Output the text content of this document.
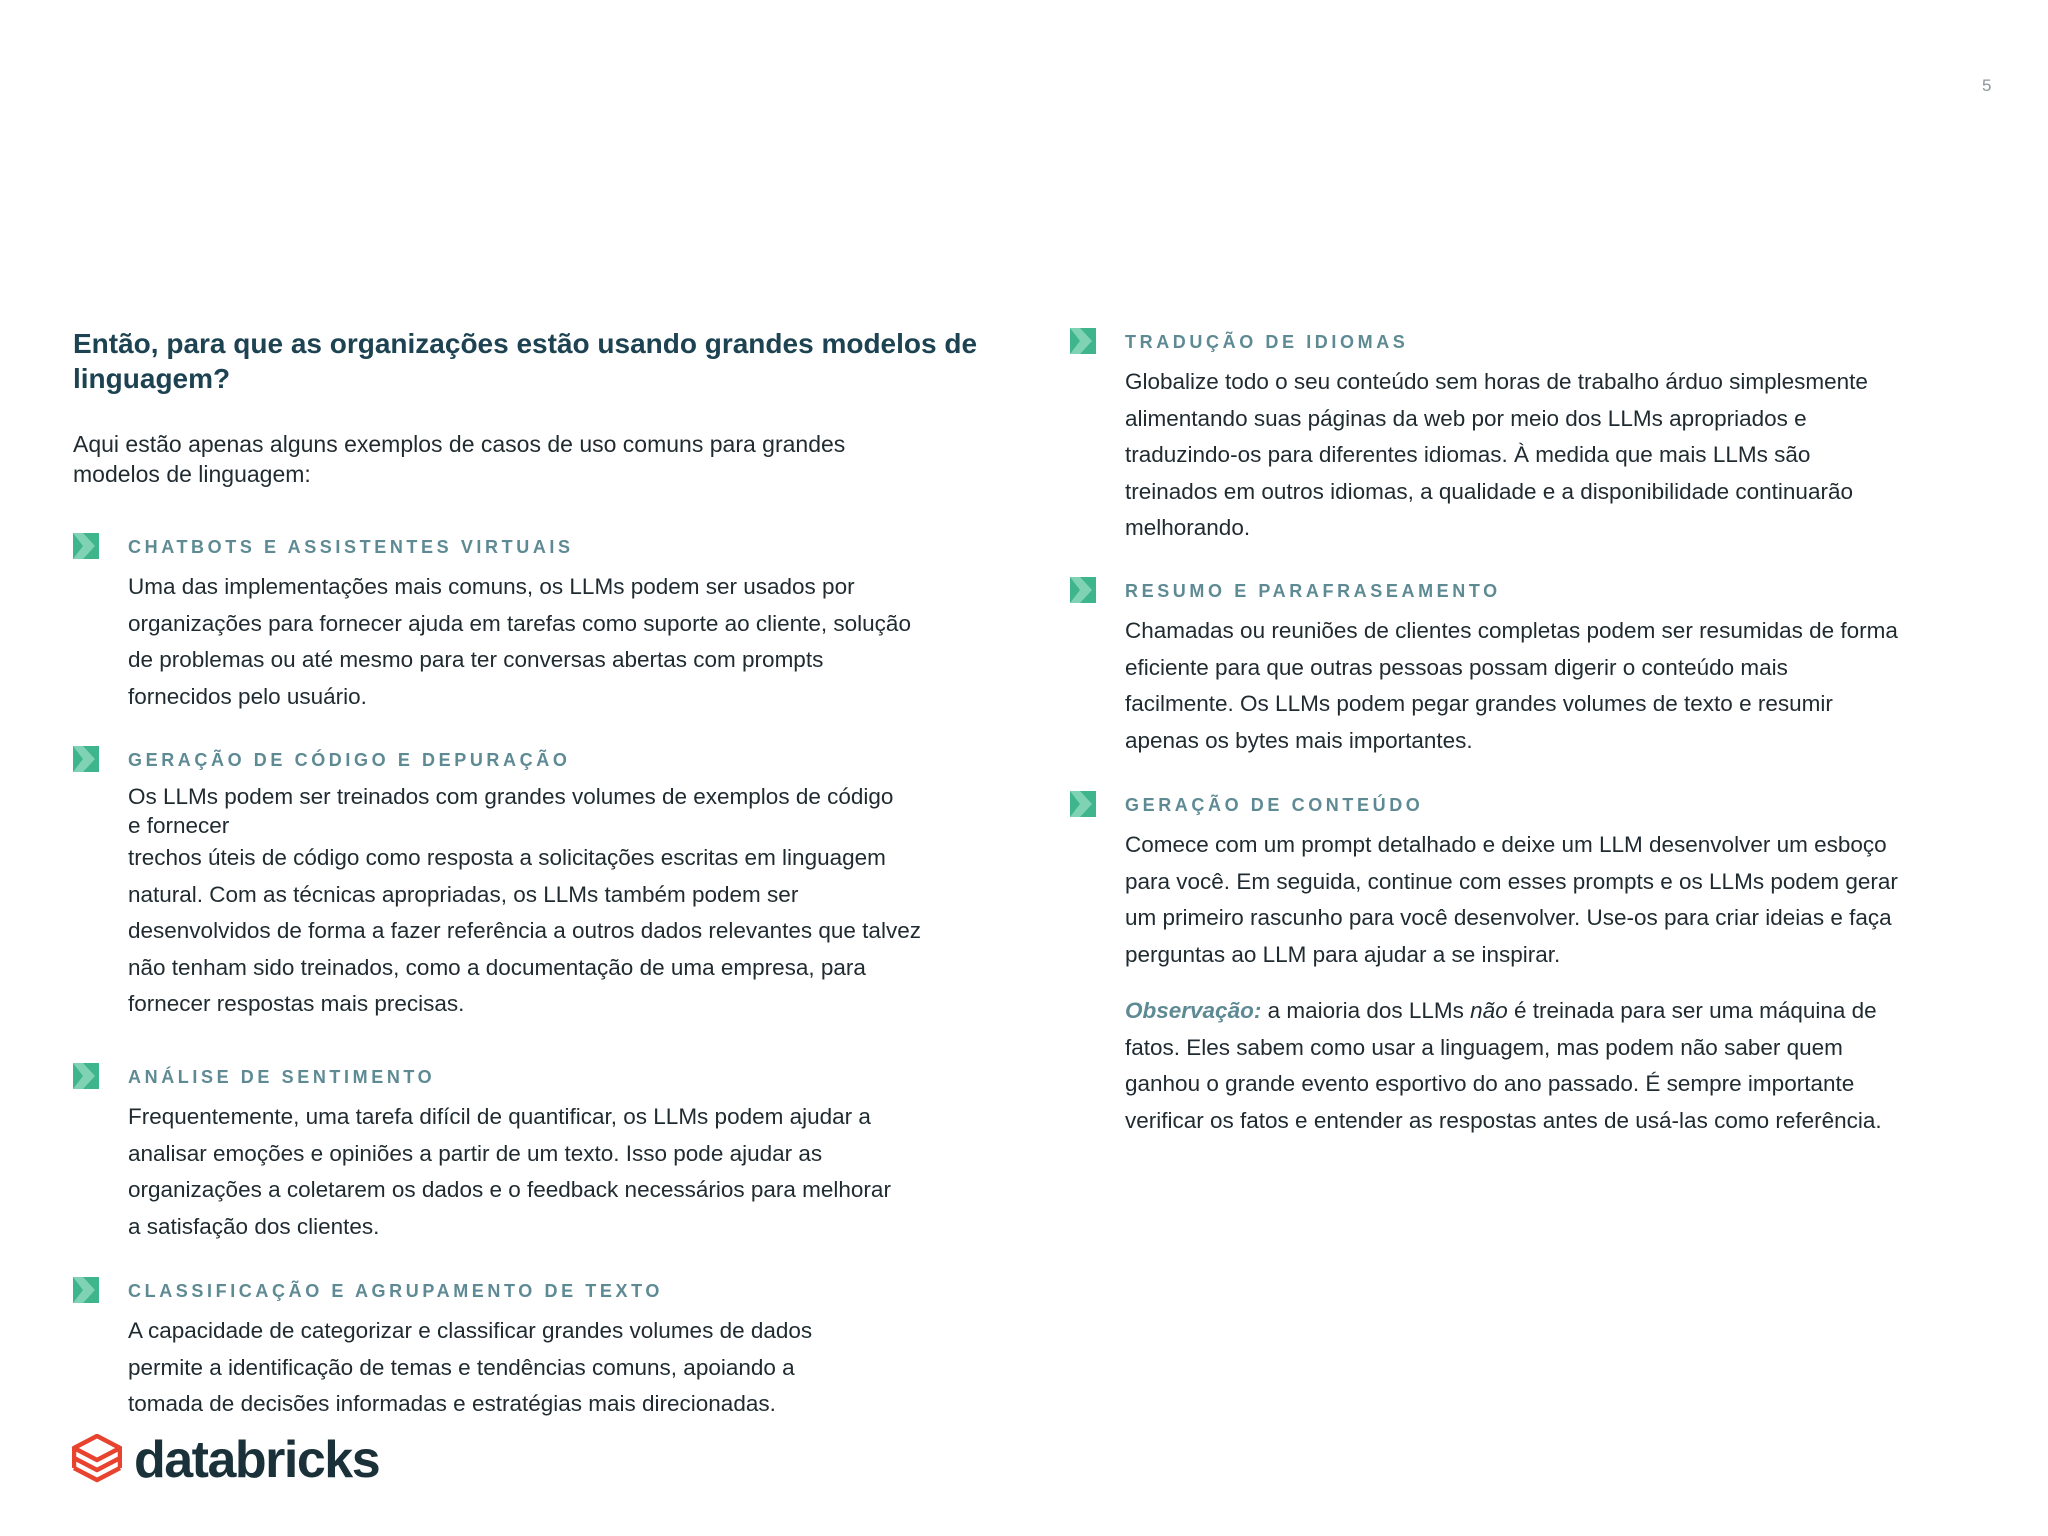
5
Então, para que as organizações estão usando grandes modelos de
linguagem?
Aqui estão apenas alguns exemplos de casos de uso comuns para grandes
modelos de linguagem:
CHATBOTS E ASSISTENTES VIRTUAIS
Uma das implementações mais comuns, os LLMs podem ser usados por
organizações para fornecer ajuda em tarefas como suporte ao cliente, solução
de problemas ou até mesmo para ter conversas abertas com prompts
fornecidos pelo usuário.
GERAÇÃO DE CÓDIGO E DEPURAÇÃO
Os LLMs podem ser treinados com grandes volumes de exemplos de código
e fornecer
trechos úteis de código como resposta a solicitações escritas em linguagem
natural. Com as técnicas apropriadas, os LLMs também podem ser
desenvolvidos de forma a fazer referência a outros dados relevantes que talvez
não tenham sido treinados, como a documentação de uma empresa, para
fornecer respostas mais precisas.
ANÁLISE DE SENTIMENTO
Frequentemente, uma tarefa difícil de quantificar, os LLMs podem ajudar a
analisar emoções e opiniões a partir de um texto. Isso pode ajudar as
organizações a coletarem os dados e o feedback necessários para melhorar
a satisfação dos clientes.
CLASSIFICAÇÃO E AGRUPAMENTO DE TEXTO
A capacidade de categorizar e classificar grandes volumes de dados
permite a identificação de temas e tendências comuns, apoiando a
tomada de decisões informadas e estratégias mais direcionadas.
TRADUÇÃO DE IDIOMAS
Globalize todo o seu conteúdo sem horas de trabalho árduo simplesmente
alimentando suas páginas da web por meio dos LLMs apropriados e
traduzindo-os para diferentes idiomas. À medida que mais LLMs são
treinados em outros idiomas, a qualidade e a disponibilidade continuarão
melhorando.
RESUMO E PARAFRASEAMENTO
Chamadas ou reuniões de clientes completas podem ser resumidas de forma
eficiente para que outras pessoas possam digerir o conteúdo mais
facilmente. Os LLMs podem pegar grandes volumes de texto e resumir
apenas os bytes mais importantes.
GERAÇÃO DE CONTEÚDO
Comece com um prompt detalhado e deixe um LLM desenvolver um esboço
para você. Em seguida, continue com esses prompts e os LLMs podem gerar
um primeiro rascunho para você desenvolver. Use-os para criar ideias e faça
perguntas ao LLM para ajudar a se inspirar.
Observação: a maioria dos LLMs não é treinada para ser uma máquina de
fatos. Eles sabem como usar a linguagem, mas podem não saber quem
ganhou o grande evento esportivo do ano passado. É sempre importante
verificar os fatos e entender as respostas antes de usá-las como referência.
databricks
